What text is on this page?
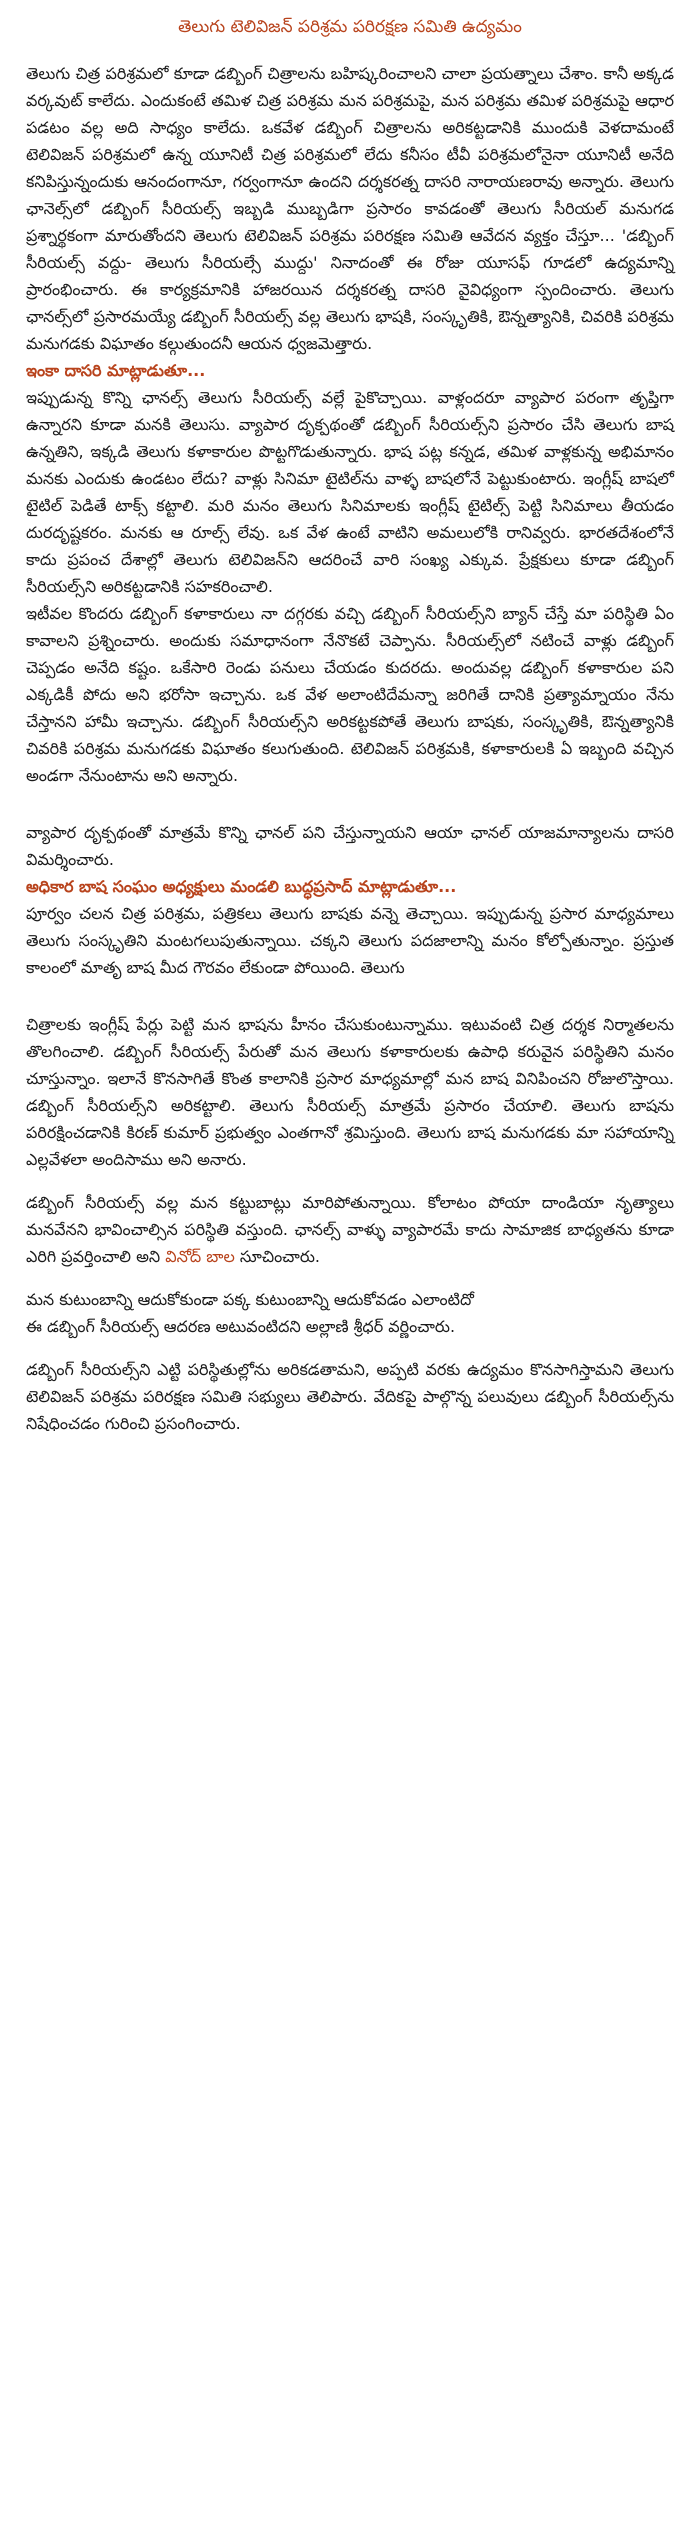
తెలుగు టెలివిజన్ పరిశ్రమ పరిరక్షణ సమితి ఉద్యమం

తెలుగు చిత్ర పరిశ్రమలో కూడా డబ్బింగ్ చిత్రాలను బహిష్కరించాలని చాలా ప్రయత్నాలు చేశాం. కానీ అక్కడ వర్కవుట్ కాలేదు. ఎందుకంటే తమిళ చిత్ర పరిశ్రమ మన పరిశ్రమపై, మన పరిశ్రమ తమిళ పరిశ్రమపై ఆధార పడటం వల్ల అది సాధ్యం కాలేదు. ఒకవేళ డబ్బింగ్ చిత్రాలను అరికట్టడానికి ముందుకి వెళదామంటే టెలివిజన్ పరిశ్రమలో ఉన్న యూనిటీ చిత్ర పరిశ్రమలో లేదు కనీసం టీవీ పరిశ్రమలోనైనా యూనిటీ అనేది కనిపిస్తున్నందుకు ఆనందంగానూ, గర్వంగానూ ఉందని దర్శకరత్న దాసరి నారాయణరావు అన్నారు. తెలుగు ఛానెల్స్‌లో డబ్బింగ్ సీరియల్స్ ఇబ్బడి ముబ్బడిగా ప్రసారం కావడంతో తెలుగు సీరియల్ మనుగడ ప్రశ్నార్థకంగా మారుతోందని తెలుగు టెలివిజన్ పరిశ్రమ పరిరక్షణ సమితి ఆవేదన వ్యక్తం చేస్తూ... 'డబ్బింగ్ సీరియల్స్ వద్దు- తెలుగు సీరియల్సే ముద్దు' నినాదంతో ఈ రోజు యూసఫ్ గూడలో ఉద్యమాన్ని ప్రారంభించారు. ఈ కార్యక్రమానికి హాజరయిన దర్శకరత్న దాసరి వైవిధ్యంగా స్పందించారు. తెలుగు ఛానల్స్‌లో ప్రసారమయ్యే డబ్బింగ్ సీరియల్స్ వల్ల తెలుగు భాషకి, సంస్కృతికి, ఔన్నత్యానికి, చివరికి పరిశ్రమ మనుగడకు విఘాతం కల్గుతుందనీ ఆయన ధ్వజమెత్తారు.

ఇంకా దాసరి మాట్లాడుతూ...

ఇప్పుడున్న కొన్ని ఛానల్స్ తెలుగు సీరియల్స్ వల్లే పైకొచ్చాయి. వాళ్లందరూ వ్యాపార పరంగా తృప్తిగా ఉన్నారని కూడా మనకి తెలుసు. వ్యాపార దృక్పథంతో డబ్బింగ్ సీరియల్స్‌ని ప్రసారం చేసి తెలుగు బాష ఉన్నతిని, ఇక్కడి తెలుగు కళాకారుల పొట్టగొడుతున్నారు. భాష పట్ల కన్నడ, తమిళ వాళ్లకున్న అభిమానం మనకు ఎందుకు ఉండటం లేదు? వాళ్లు సినిమా టైటిల్‌ను వాళ్ళ బాషలోనే పెట్టుకుంటారు. ఇంగ్లీష్ బాషలో టైటిల్ పెడితే టాక్స్ కట్టాలి. మరి మనం తెలుగు సినిమాలకు ఇంగ్లీష్ టైటిల్స్ పెట్టి సినిమాలు తీయడం దురదృష్టకరం. మనకు ఆ రూల్స్ లేవు. ఒక వేళ ఉంటే వాటిని అమలులోకి రానివ్వరు. భారతదేశంలోనే కాదు ప్రపంచ దేశాల్లో తెలుగు టెలివిజన్‌ని ఆదరించే వారి సంఖ్య ఎక్కువ. ప్రేక్షకులు కూడా డబ్బింగ్ సీరియల్స్‌ని అరికట్టడానికి సహకరించాలి.

ఇటీవల కొందరు డబ్బింగ్ కళాకారులు నా దగ్గరకు వచ్చి డబ్బింగ్ సీరియల్స్‌ని బ్యాన్ చేస్తే మా పరిస్థితి ఏం కావాలని ప్రశ్నించారు. అందుకు సమాధానంగా నేనొకటే చెప్పాను. సీరియల్స్‌లో నటించే వాళ్లు డబ్బింగ్ చెప్పడం అనేది కష్టం. ఒకేసారి రెండు పనులు చేయడం కుదరదు. అందువల్ల డబ్బింగ్ కళాకారుల పని ఎక్కడికీ పోదు అని భరోసా ఇచ్చాను. ఒక వేళ అలాంటిదేమన్నా జరిగితే దానికి ప్రత్యామ్నాయం నేను చేస్తానని హామీ ఇచ్చాను. డబ్బింగ్ సీరియల్స్‌ని అరికట్టకపోతే తెలుగు బాషకు, సంస్కృతికి, ఔన్నత్యానికి చివరికి పరిశ్రమ మనుగడకు విఘాతం కలుగుతుంది. టెలివిజన్ పరిశ్రమకి, కళాకారులకి ఏ ఇబ్బంది వచ్చిన అండగా నేనుంటాను అని అన్నారు.

వ్యాపార దృక్పథంతో మాత్రమే కొన్ని ఛానల్ పని చేస్తున్నాయని ఆయా ఛానల్ యాజమాన్యాలను దాసరి విమర్శించారు.

అధికార బాష సంఘం అధ్యక్షులు మండలి బుద్ధప్రసాద్ మాట్లాడుతూ...

పూర్వం చలన చిత్ర పరిశ్రమ, పత్రికలు తెలుగు బాషకు వన్నె తెచ్చాయి. ఇప్పుడున్న ప్రసార మాధ్యమాలు తెలుగు సంస్కృతిని మంటగలుపుతున్నాయి. చక్కని తెలుగు పదజాలాన్ని మనం కోల్పోతున్నాం. ప్రస్తుత కాలంలో మాతృ బాష మీద గౌరవం లేకుండా పోయింది. తెలుగు

చిత్రాలకు ఇంగ్లీష్ పేర్లు పెట్టి మన భాషను హీనం చేసుకుంటున్నాము. ఇటువంటి చిత్ర దర్శక నిర్మాతలను తొలగించాలి. డబ్బింగ్ సీరియల్స్ పేరుతో మన తెలుగు కళాకారులకు ఉపాధి కరువైన పరిస్థితిని మనం చూస్తున్నాం. ఇలానే కొనసాగితే కొంత కాలానికి ప్రసార మాధ్యమాల్లో మన బాష వినిపించని రోజులొస్తాయి. డబ్బింగ్ సీరియల్స్‌ని అరికట్టాలి. తెలుగు సీరియల్స్ మాత్రమే ప్రసారం చేయాలి. తెలుగు బాషను పరిరక్షించడానికి కిరణ్ కుమార్ ప్రభుత్వం ఎంతగానో శ్రమిస్తుంది. తెలుగు బాష మనుగడకు మా సహాయాన్ని ఎల్లవేళలా అందిసాము అని అనారు.

డబ్బింగ్ సీరియల్స్ వల్ల మన కట్టుబాట్లు మారిపోతున్నాయి. కోలాటం పోయా దాండియా నృత్యాలు మనవేనని భావించాల్సిన పరిస్థితి వస్తుంది. ఛానల్స్ వాళ్ళు వ్యాపారమే కాదు సామాజిక బాధ్యతను కూడా ఎరిగి ప్రవర్తించాలి అని వినోద్ బాల సూచించారు.

మన కుటుంబాన్ని ఆదుకోకుండా పక్క కుటుంబాన్ని ఆదుకోవడం ఎలాంటిదో

ఈ డబ్బింగ్ సీరియల్స్ ఆదరణ అటువంటిదని అల్లాణి శ్రీధర్ వర్ణించారు.

డబ్బింగ్ సీరియల్స్‌ని ఎట్టి పరిస్థితుల్లోను అరికడతామని, అప్పటి వరకు ఉద్యమం కొనసాగిస్తామని తెలుగు టెలివిజన్ పరిశ్రమ పరిరక్షణ సమితి సభ్యులు తెలిపారు. వేదికపై పాల్గొన్న పలువులు డబ్బింగ్ సీరియల్స్‌ను నిషేధించడం గురించి ప్రసంగించారు.
